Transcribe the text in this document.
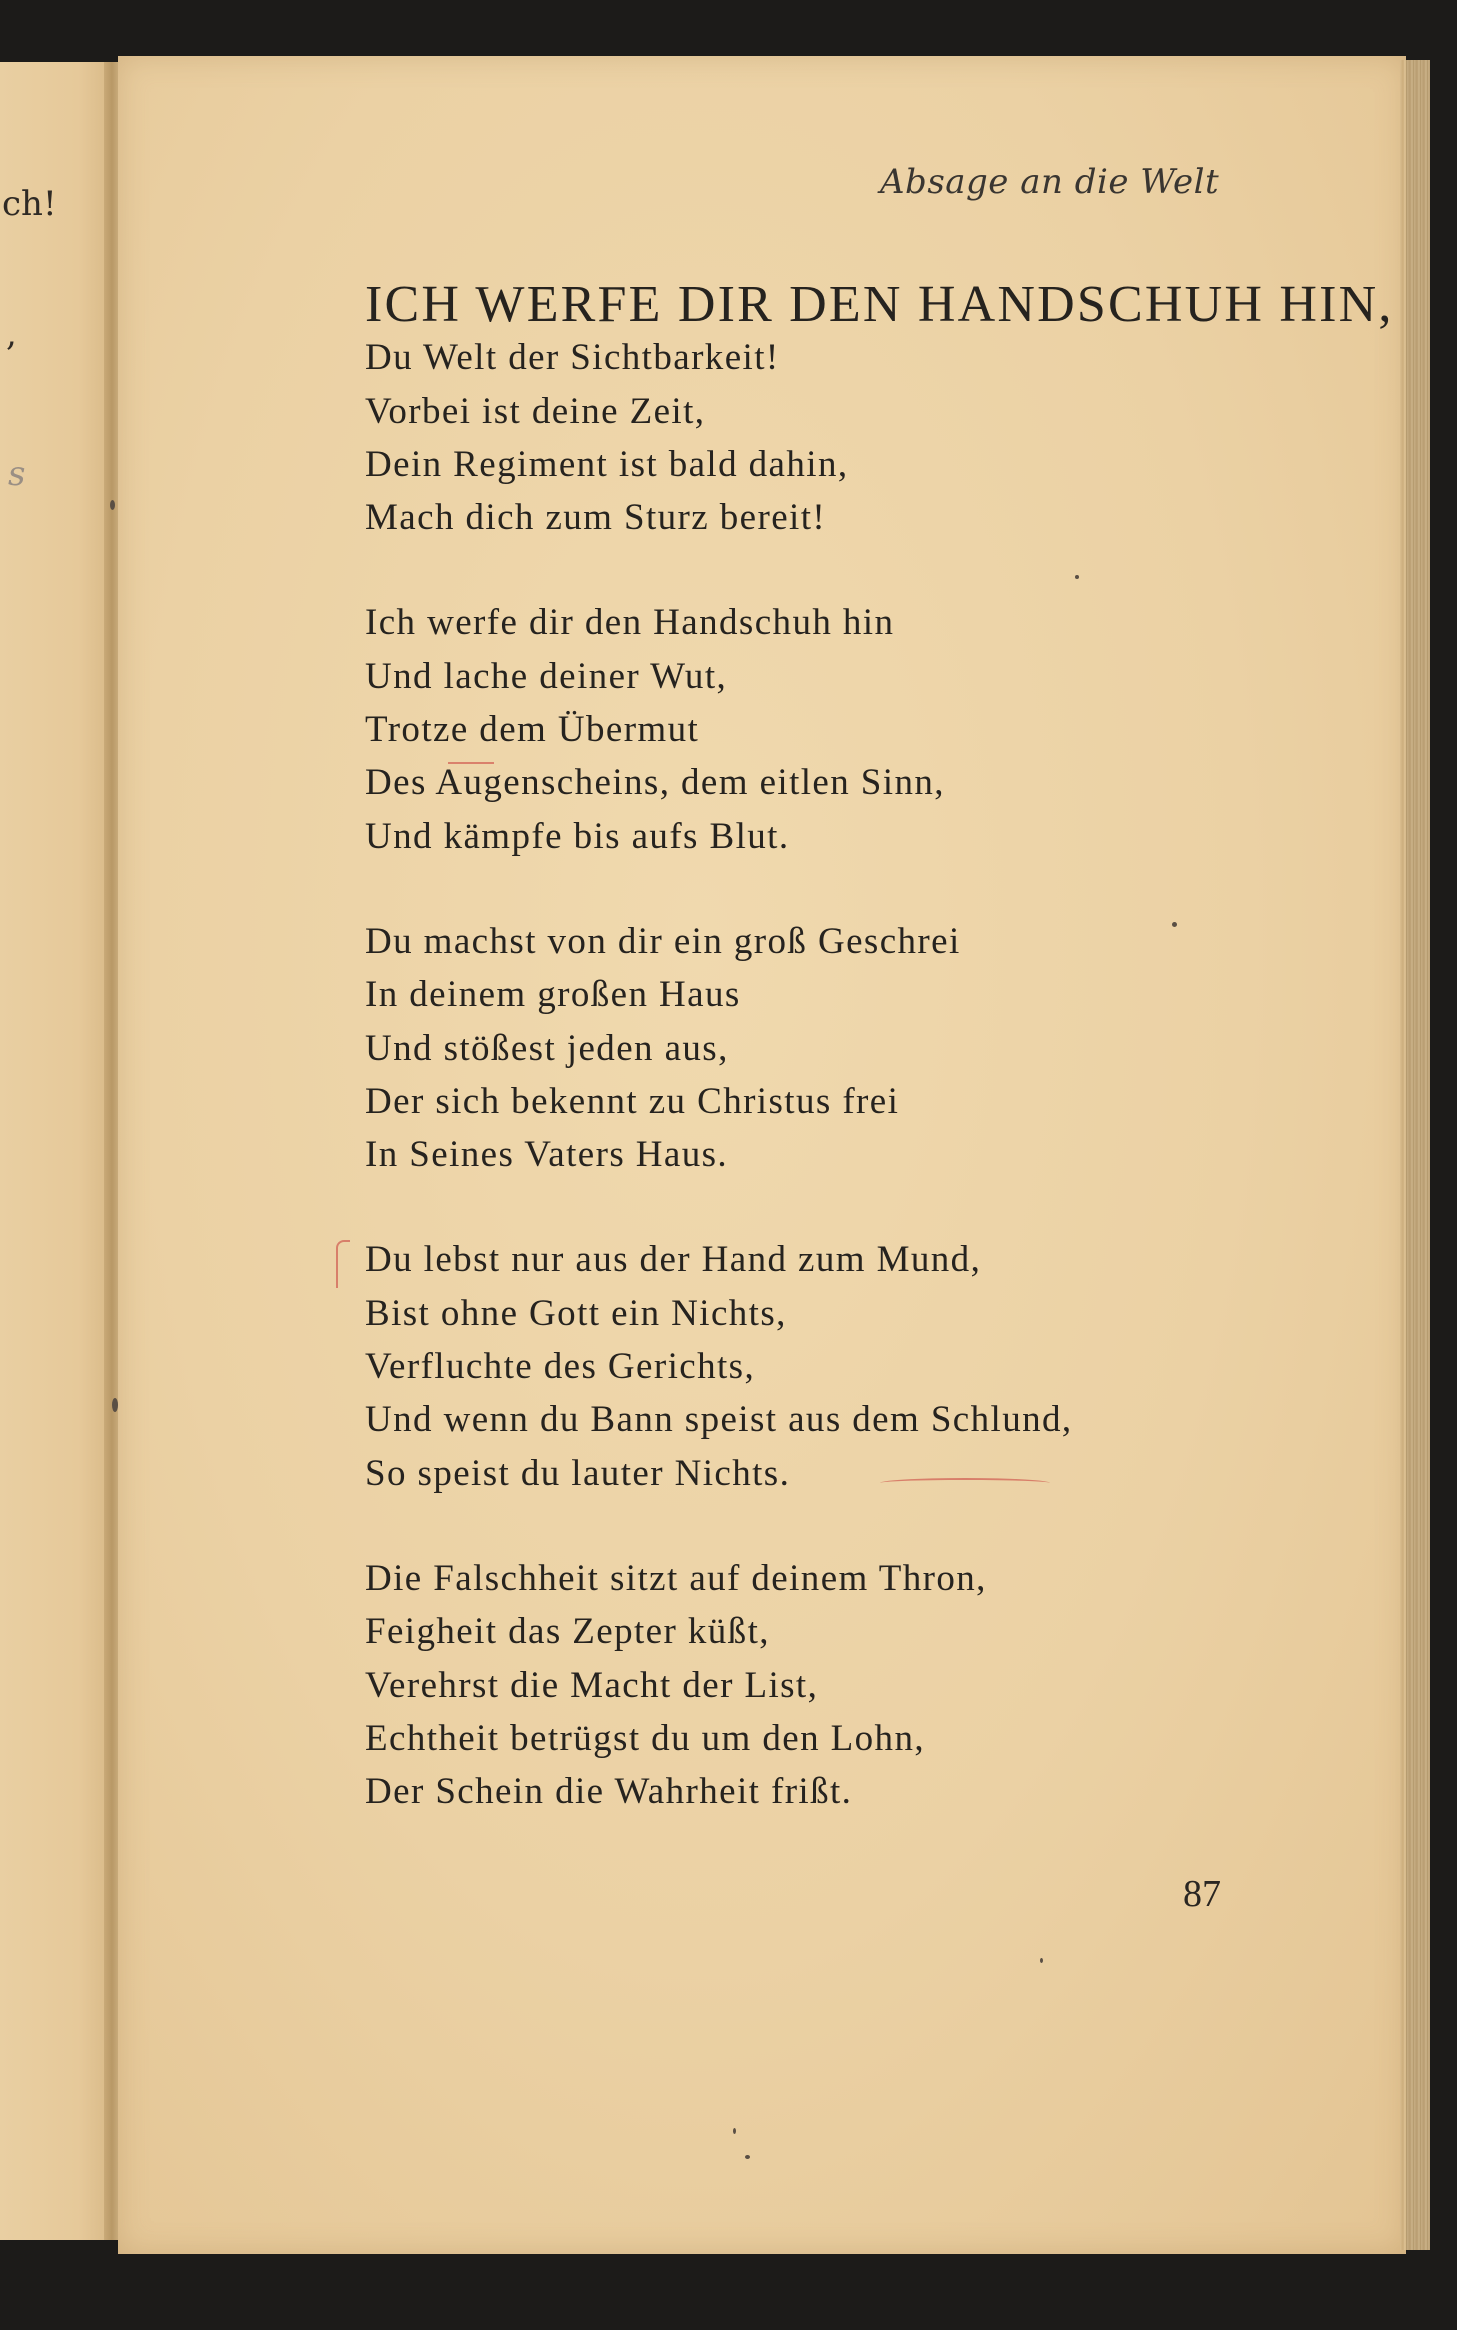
ch!
,
s
Absage an die Welt
ICH WERFE DIR DEN HANDSCHUH HIN,
Du Welt der Sichtbarkeit!
Vorbei ist deine Zeit,
Dein Regiment ist bald dahin,
Mach dich zum Sturz bereit!
Ich werfe dir den Handschuh hin
Und lache deiner Wut,
Trotze dem Übermut
Des Augenscheins, dem eitlen Sinn,
Und kämpfe bis aufs Blut.
Du machst von dir ein groß Geschrei
In deinem großen Haus
Und stößest jeden aus,
Der sich bekennt zu Christus frei
In Seines Vaters Haus.
Du lebst nur aus der Hand zum Mund,
Bist ohne Gott ein Nichts,
Verfluchte des Gerichts,
Und wenn du Bann speist aus dem Schlund,
So speist du lauter Nichts.
Die Falschheit sitzt auf deinem Thron,
Feigheit das Zepter küßt,
Verehrst die Macht der List,
Echtheit betrügst du um den Lohn,
Der Schein die Wahrheit frißt.
87
